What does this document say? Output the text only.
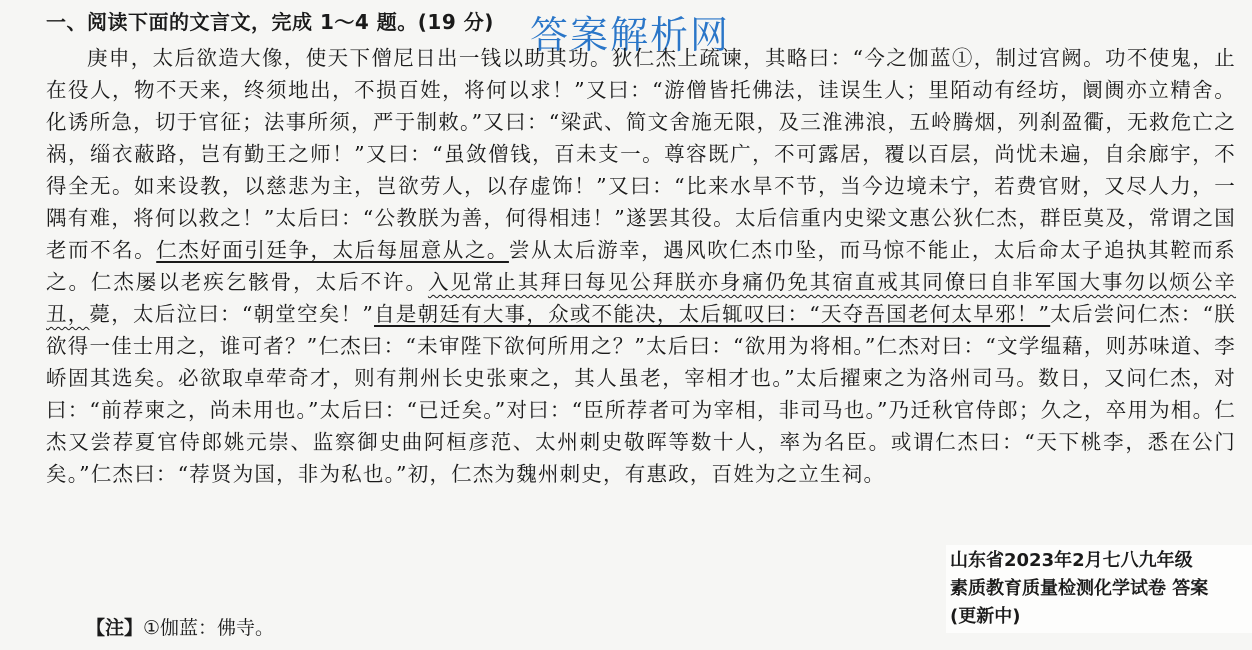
一、阅读下面的文言文，完成 1～4 题。(19 分) 答案解析网

庚申，太后欲造大像，使天下僧尼日出一钱以助其功。狄仁杰上疏谏，其略曰：“今之伽蓝①，制过宫阙。功不使鬼，止在役人，物不天来，终须地出，不损百姓，将何以求！”又曰：“游僧皆托佛法，诖误生人；里陌动有经坊，阛阓亦立精舍。化诱所急，切于官征；法事所须，严于制敕。”又曰：“梁武、简文舍施无限，及三淮沸浪，五岭腾烟，列刹盈衢，无救危亡之祸，缁衣蔽路，岂有勤王之师！”又曰：“虽敛僧钱，百未支一。尊容既广，不可露居，覆以百层，尚忧未遍，自余廊宇，不得全无。如来设教，以慈悲为主，岂欲劳人，以存虚饰！”又曰：“比来水旱不节，当今边境未宁，若费官财，又尽人力，一隅有难，将何以救之！”太后曰：“公教朕为善，何得相违！”遂罢其役。太后信重内史梁文惠公狄仁杰，群臣莫及，常谓之国老而不名。仁杰好面引廷争，太后每屈意从之。尝从太后游幸，遇风吹仁杰巾坠，而马惊不能止，太后命太子追执其鞚而系之。仁杰屡以老疾乞骸骨，太后不许。入见常止其拜曰每见公拜朕亦身痛仍免其宿直戒其同僚曰自非军国大事勿以烦公辛丑，薨，太后泣曰：“朝堂空矣！”自是朝廷有大事，众或不能决，太后辄叹曰：“天夺吾国老何太早邪！”太后尝问仁杰：“朕欲得一佳士用之，谁可者？”仁杰曰：“未审陛下欲何所用之？”太后曰：“欲用为将相。”仁杰对曰：“文学缊藉，则苏味道、李峤固其选矣。必欲取卓荦奇才，则有荆州长史张柬之，其人虽老，宰相才也。”太后擢柬之为洛州司马。数日，又问仁杰，对曰：“前荐柬之，尚未用也。”太后曰：“已迁矣。”对曰：“臣所荐者可为宰相，非司马也。”乃迁秋官侍郎；久之，卒用为相。仁杰又尝荐夏官侍郎姚元崇、监察御史曲阿桓彦范、太州刺史敬晖等数十人，率为名臣。或谓仁杰曰：“天下桃李，悉在公门矣。”仁杰曰：“荐贤为国，非为私也。”初，仁杰为魏州刺史，有惠政，百姓为之立生祠。

【注】①伽蓝：佛寺。
山东省2023年2月七八九年级
素质教育质量检测化学试卷 答案
(更新中)
